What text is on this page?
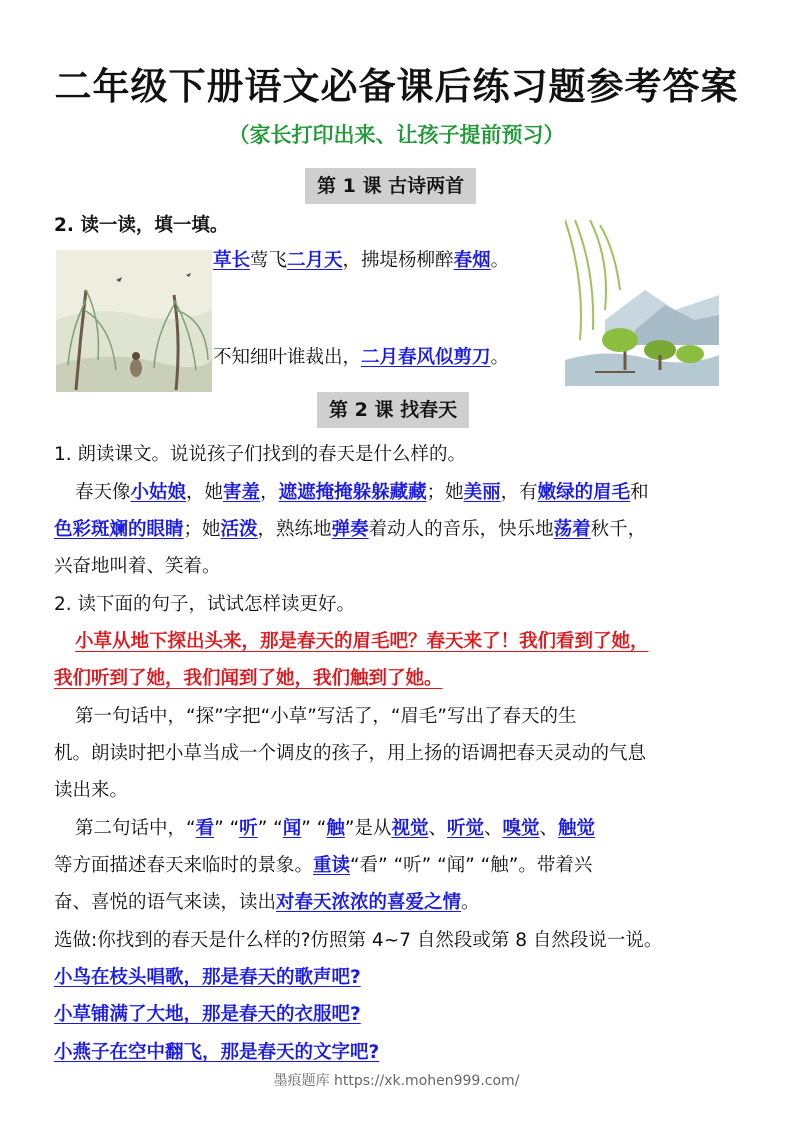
二年级下册语文必备课后练习题参考答案
（家长打印出来、让孩子提前预习）
第 1 课 古诗两首
2. 读一读，填一填。
草长莺飞二月天，拂堤杨柳醉春烟。
不知细叶谁裁出，二月春风似剪刀。
第 2 课 找春天
1. 朗读课文。说说孩子们找到的春天是什么样的。
春天像小姑娘，她害羞，遮遮掩掩躲躲藏藏；她美丽，有嫩绿的眉毛和
色彩斑斓的眼睛；她活泼，熟练地弹奏着动人的音乐，快乐地荡着秋千，
兴奋地叫着、笑着。
2. 读下面的句子，试试怎样读更好。
小草从地下探出头来，那是春天的眉毛吧？春天来了！我们看到了她，
我们听到了她，我们闻到了她，我们触到了她。
第一句话中，“探”字把“小草”写活了，“眉毛”写出了春天的生
机。朗读时把小草当成一个调皮的孩子，用上扬的语调把春天灵动的气息
读出来。
第二句话中，“看” “听” “闻” “触”是从视觉、听觉、嗅觉、触觉
等方面描述春天来临时的景象。重读“看” “听” “闻” “触”。带着兴
奋、喜悦的语气来读，读出对春天浓浓的喜爱之情。
选做:你找到的春天是什么样的?仿照第 4~7 自然段或第 8 自然段说一说。
小鸟在枝头唱歌，那是春天的歌声吧?
小草铺满了大地，那是春天的衣服吧?
小燕子在空中翻飞，那是春天的文字吧?
墨痕题库 https://xk.mohen999.com/
